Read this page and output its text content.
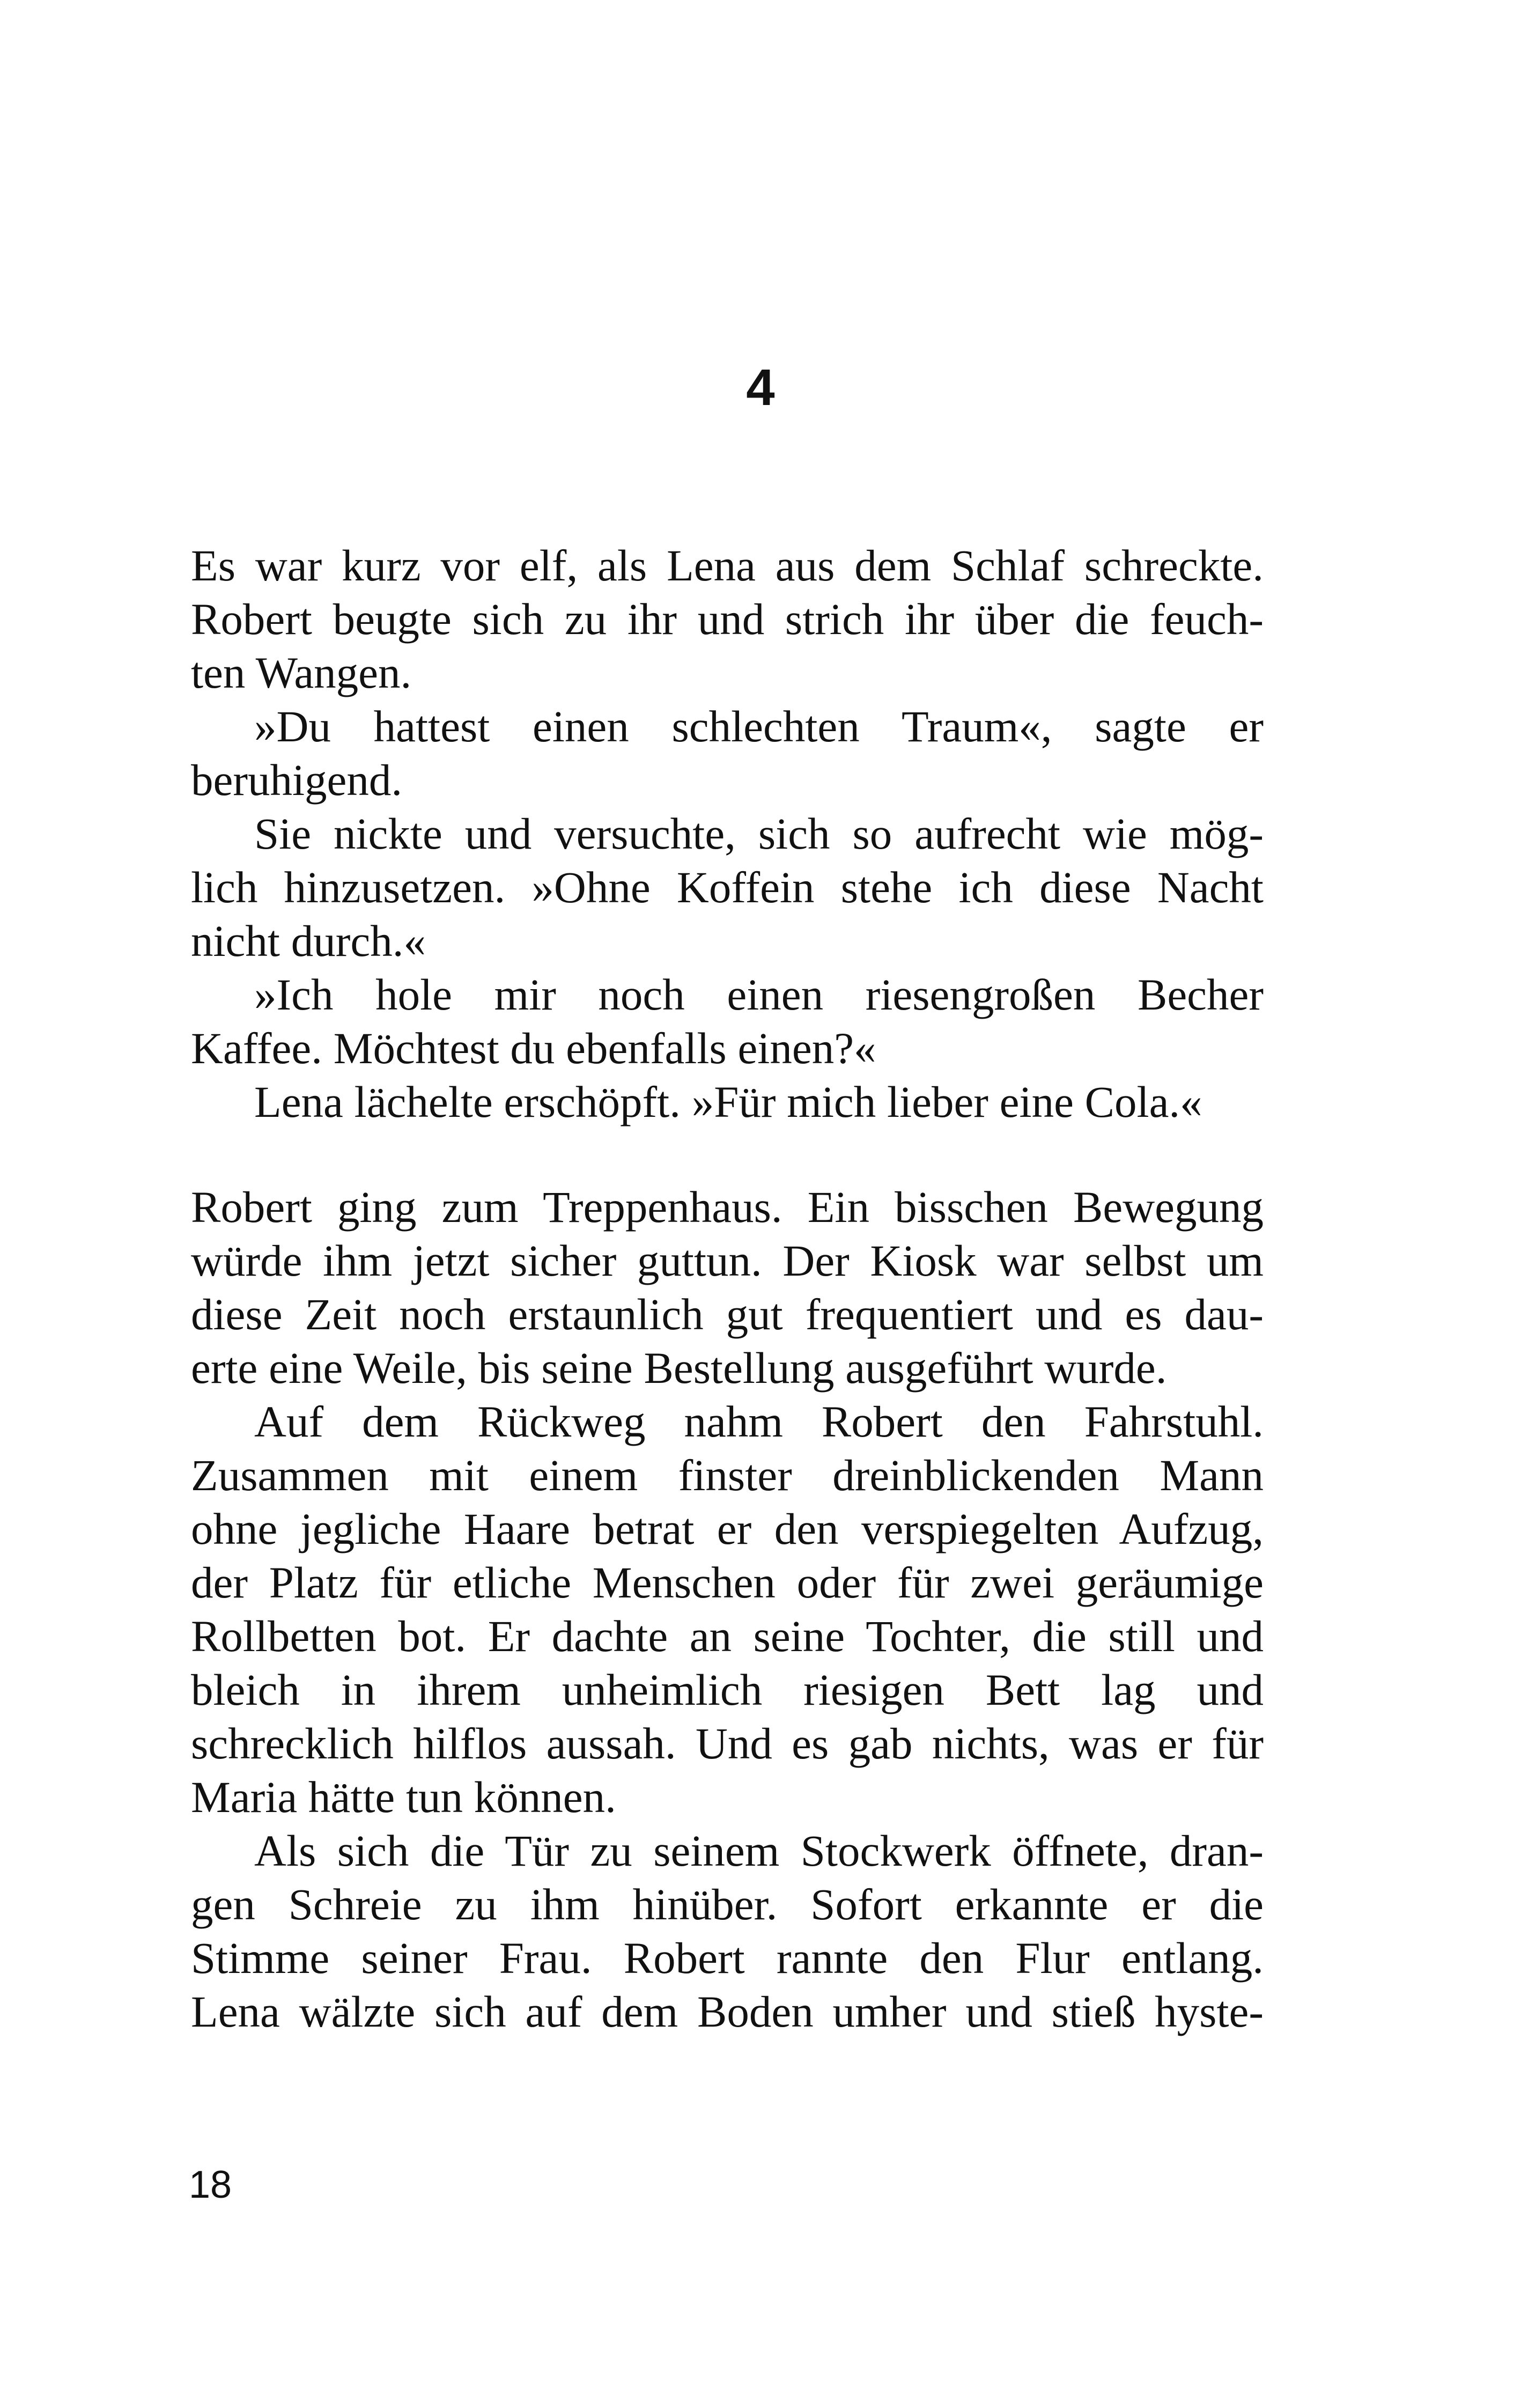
4
Es war kurz vor elf, als Lena aus dem Schlaf schreckte.
Robert beugte sich zu ihr und strich ihr über die feuch-
ten Wangen.
»Du hattest einen schlechten Traum«, sagte er
beruhigend.
Sie nickte und versuchte, sich so aufrecht wie mög-
lich hinzusetzen. »Ohne Koffein stehe ich diese Nacht
nicht durch.«
»Ich hole mir noch einen riesengroßen Becher
Kaffee. Möchtest du ebenfalls einen?«
Lena lächelte erschöpft. »Für mich lieber eine Cola.«
Robert ging zum Treppenhaus. Ein bisschen Bewegung
würde ihm jetzt sicher guttun. Der Kiosk war selbst um
diese Zeit noch erstaunlich gut frequentiert und es dau-
erte eine Weile, bis seine Bestellung ausgeführt wurde.
Auf dem Rückweg nahm Robert den Fahrstuhl.
Zusammen mit einem finster dreinblickenden Mann
ohne jegliche Haare betrat er den verspiegelten Aufzug,
der Platz für etliche Menschen oder für zwei geräumige
Rollbetten bot. Er dachte an seine Tochter, die still und
bleich in ihrem unheimlich riesigen Bett lag und
schrecklich hilflos aussah. Und es gab nichts, was er für
Maria hätte tun können.
Als sich die Tür zu seinem Stockwerk öffnete, dran-
gen Schreie zu ihm hinüber. Sofort erkannte er die
Stimme seiner Frau. Robert rannte den Flur entlang.
Lena wälzte sich auf dem Boden umher und stieß hyste-
18
